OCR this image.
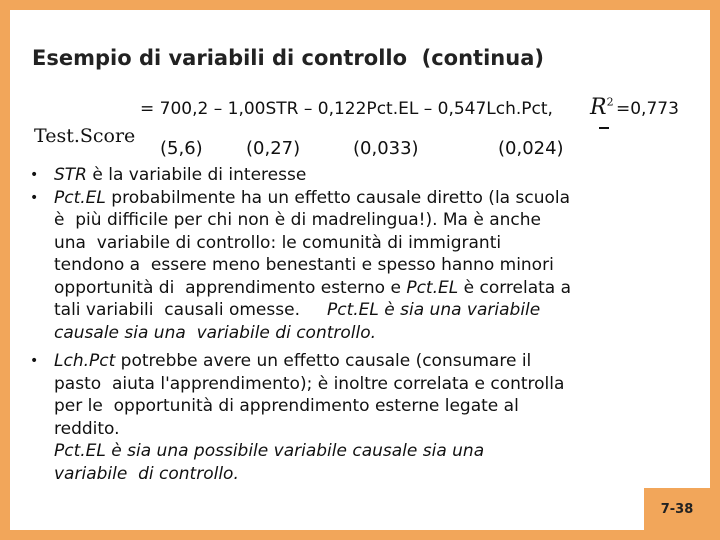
Esempio di variabili di controllo  (continua)
Test.Score
= 700,2 – 1,00STR – 0,122Pct.EL – 0,547Lch.Pct, $R^2 =0,773$
(5,6) (0,27)	(0,033)	(0,024)
• STR è la variabile di interesse
• Pct.EL probabilmente ha un effetto causale diretto (la scuola
è  più difficile per chi non è di madrelingua!). Ma è anche
una  variabile di controllo: le comunità di immigranti
tendono a  essere meno benestanti e spesso hanno minori
opportunità di  apprendimento esterno e Pct.EL è correlata a
tali variabili  causali omesse.     Pct.EL è sia una variabile
causale sia una  variabile di controllo.
• Lch.Pct potrebbe avere un effetto causale (consumare il
pasto  aiuta l'apprendimento); è inoltre correlata e controlla
per le  opportunità di apprendimento esterne legate al
reddito.
Pct.EL è sia una possibile variabile causale sia una
variabile  di controllo.
7-38
